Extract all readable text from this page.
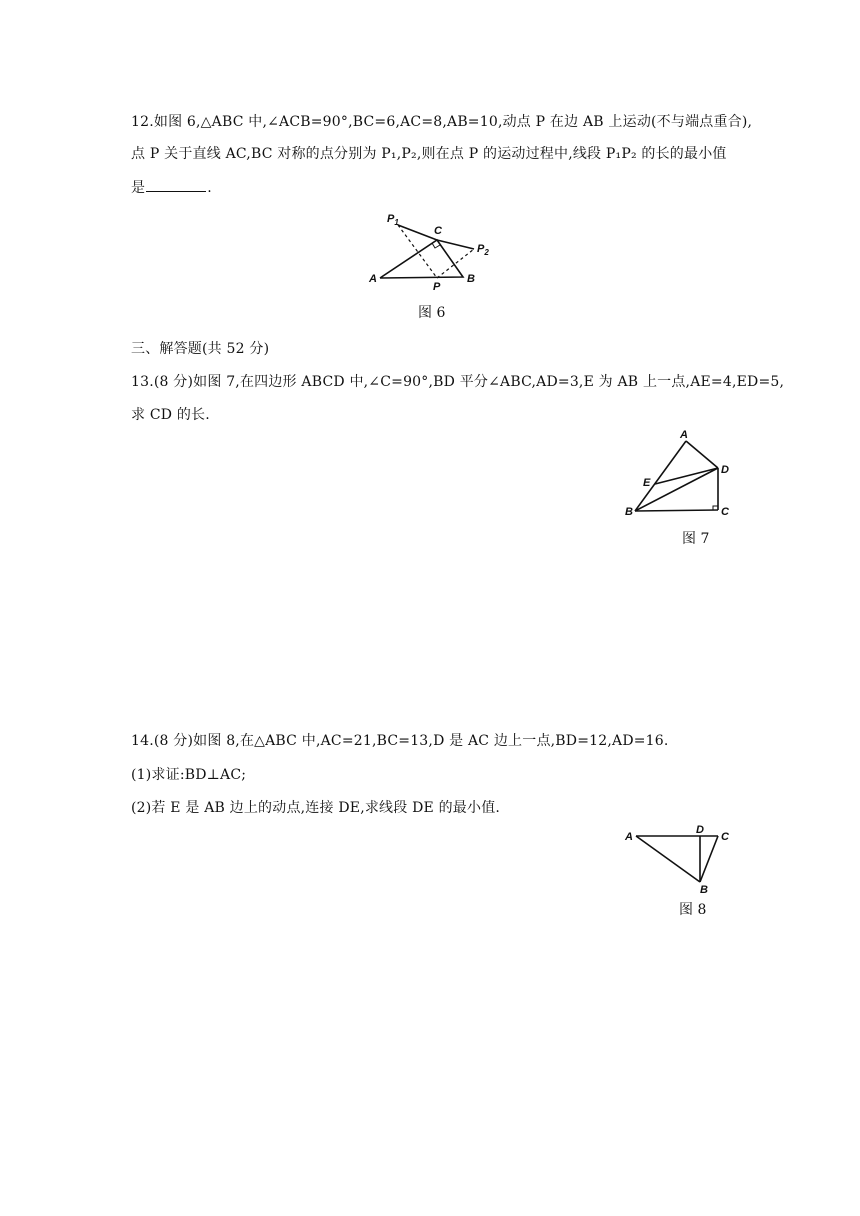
12.如图 6,△ABC 中,∠ACB=90°,BC=6,AC=8,AB=10,动点 P 在边 AB 上运动(不与端点重合),
点 P 关于直线 AC,BC 对称的点分别为 P₁,P₂,则在点 P 的运动过程中,线段 P₁P₂ 的长的最小值
是	.
$P_1$
C
$P_2$
A	B
P
图 6
三、解答题(共 52 分)
13.(8 分)如图 7,在四边形 ABCD 中,∠C=90°,BD 平分∠ABC,AD=3,E 为 AB 上一点,AE=4,ED=5,
求 CD 的长.
A
D
E
B	C
图 7
14.(8 分)如图 8,在△ABC 中,AC=21,BC=13,D 是 AC 边上一点,BD=12,AD=16.
(1)求证:BD⊥AC;
(2)若 E 是 AB 边上的动点,连接 DE,求线段 DE 的最小值.
A
D
C
B
图 8
